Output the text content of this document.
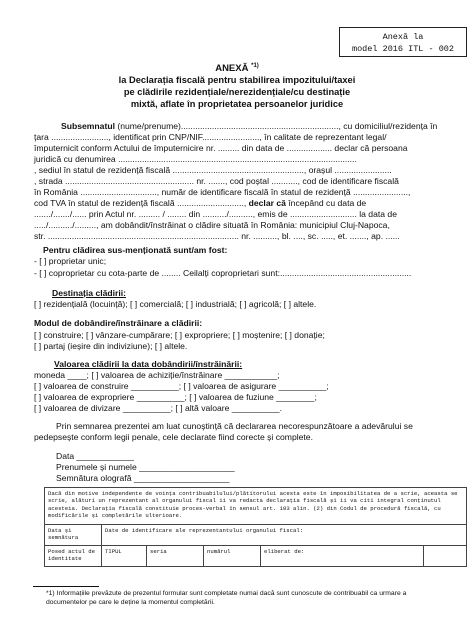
Anexă la
model 2016 ITL - 002
ANEXĂ $^{*1)}$
la Declarația fiscală pentru stabilirea impozitului/taxei
pe clădirile rezidențiale/nerezidențiale/cu destinație
mixtă, aflate în proprietatea persoanelor juridice
Subsemnatul (nume/prenume).................................................................., cu domiciliul/rezidența în
țara ........................, identificat prin CNP/NIF........................, în calitate de reprezentant legal/
împuternicit conform Actului de împuternicire nr. ......... din data de ................... declar că persoana
juridică cu denumirea ....................................................................................................
, sediul în statul de rezidență fiscală ......................................................., orașul ........................
, strada ...................................................... nr. ......., cod poștal ..........., cod de identificare fiscală
în România ................................, număr de identificare fiscală în statul de rezidență .......................,
cod TVA în statul de rezidență fiscală ............................, declar că începând cu data de
......./......./...... prin Actul nr. ......... / ........ din ........../.........., emis de ............................ la data de
...../........../........., am dobândit/înstrăinat o clădire situată în România: municipiul Cluj-Napoca,
str. ................................................................................ nr. .........., bl. ...., sc. ....., et. ......., ap. ......
Pentru clădirea sus-menționată sunt/am fost:
- [ ] proprietar unic;
- [ ] coproprietar cu cota-parte de ........ Ceilalți coproprietari sunt:.......................................................
Destinația clădirii:
[ ] rezidențială (locuință); [ ] comercială; [ ] industrială; [ ] agricolă; [ ] altele.
Modul de dobândire/înstrăinare a clădirii:
[ ] construire; [ ] vânzare-cumpărare; [ ] expropriere; [ ] moștenire; [ ] donație;
[ ] partaj (ieșire din indiviziune); [ ] altele.
Valoarea clădirii la data dobândirii/înstrăinării:
moneda ____; [ ] valoarea de achiziție/înstrăinare ___________;
[ ] valoarea de construire __________; [ ] valoarea de asigurare __________;
[ ] valoarea de expropriere __________; [ ] valoarea de fuziune ________;
[ ] valoarea de divizare __________; [ ] altă valoare __________.
Prin semnarea prezentei am luat cunoștință că declararea necorespunzătoare a adevărului se
pedepsește conform legii penale, cele declarate fiind corecte și complete.
Data ____________
Prenumele și numele ____________________
Semnătura olografă ____________________
Dacă din motive independente de voința contribuabilului/plătitorului acesta este în imposibilitatea de a scrie, aceasta se scrie, alături un reprezentant al organului fiscal ii va redacta declarația fiscală și ii va citi integral conținutul acesteia. Declarația fiscală constituie proces-verbal în sensul art. 103 alin. (2) din Codul de procedură fiscală, cu modificările și completările ulterioare.					
Data și semnătura	Date de identificare ale reprezentantului organului fiscal:				
Posed actul de identitate	TIPUL	seria	numărul	eliberat de:	
*1) Informațiile prevăzute de prezentul formular sunt completate numai dacă sunt cunoscute de contribuabil ca urmare a
documentelor pe care le deține la momentul completării.
